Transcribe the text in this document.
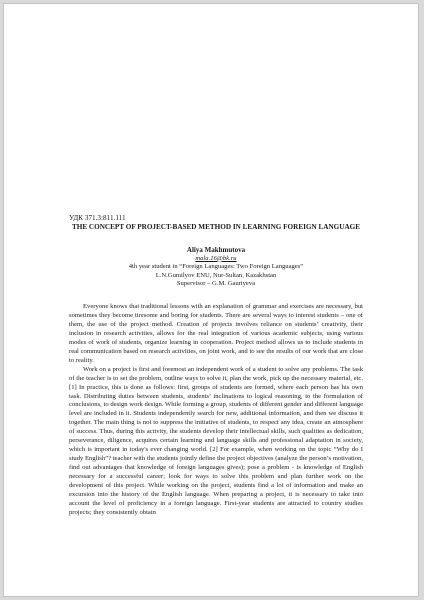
УДК 371.3:811.111
THE CONCEPT OF PROJECT-BASED METHOD IN LEARNING FOREIGN LANGUAGE
Aliya Makhmutova
mala.16@bk.ru
4th year student in “Foreign Languages: Two Foreign Languages”
L.N.Gumilyov ENU, Nur-Sultan, Kazakhstan
Supervisor – G.M. Gauriyeva

Everyone knows that traditional lessons with an explanation of grammar and exercises are necessary, but sometimes they become tiresome and boring for students. There are several ways to interest students – one of them, the use of the project method. Creation of projects involves reliance on students’ creativity, their inclusion in research activities, allows for the real integration of various academic subjects, using various modes of work of students, organize learning in cooperation. Project method allows us to include students in real communication based on research activities, on joint work, and to see the results of our work that are close to reality.

Work on a project is first and foremost an independent work of a student to solve any problems. The task of the teacher is to set the problem, outline ways to solve it, plan the work, pick up the necessary material, etc. [1] In practice, this is done as follows: first, groups of students are formed, where each person has his own task. Distributing duties between students, students’ inclinations to logical reasoning, to the formulation of conclusions, to design work design. While forming a group, students of different gender and different language level are included in it. Students independently search for new, additional information, and then we discuss it together. The main thing is not to suppress the initiative of students, to respect any idea, create an atmosphere of success. Thus, during this activity, the students develop their intellectual skills, such qualities as dedication, perseverance, diligence, acquires certain learning and language skills and professional adaptation in society, which is important in today's ever changing world. [2] For example, when working on the topic “Why do I study English”? teacher with the students jointly define the project objectives (analyze the person’s motivation, find out advantages that knowledge of foreign languages gives); pose a problem - is knowledge of English necessary for a successful career; look for ways to solve this problem and plan further work on the development of this project. While working on the project, students find a lot of information and make an excursion into the history of the English language. When preparing a project, it is necessary to take into account the level of proficiency in a foreign language. First-year students are attracted to country studies projects; they consistently obtain
